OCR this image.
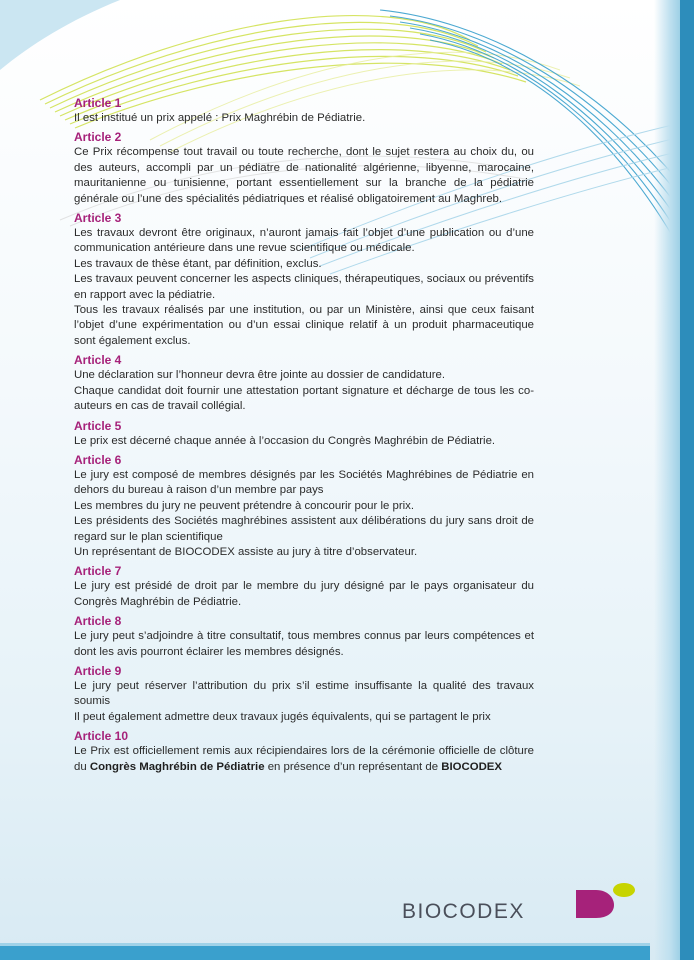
Article 1

Il est institué un prix appelé : Prix Maghrébin de Pédiatrie.

Article 2

Ce Prix récompense tout travail ou toute recherche, dont le sujet restera au choix du, ou des auteurs, accompli par un pédiatre de nationalité algérienne, libyenne, marocaine, mauritanienne ou tunisienne, portant essentiellement sur la branche de la pédiatrie générale ou l’une des spécialités pédiatriques et réalisé obligatoirement au Maghreb.

Article 3

Les travaux devront être originaux, n’auront jamais fait l’objet d’une publication ou d’une communication antérieure dans une revue scientifique ou médicale.

Les travaux de thèse étant, par définition, exclus.

Les travaux peuvent concerner les aspects cliniques, thérapeutiques, sociaux ou préventifs en rapport avec la pédiatrie.

Tous les travaux réalisés par une institution, ou par un Ministère, ainsi que ceux faisant l’objet d’une expérimentation ou d’un essai clinique relatif à un produit pharmaceutique sont également exclus.

Article 4

Une déclaration sur l’honneur devra être jointe au dossier de candidature.

Chaque candidat doit fournir une attestation portant signature et décharge de tous les co-auteurs en cas de travail collégial.

Article 5

Le prix est décerné chaque année à l’occasion du Congrès Maghrébin de Pédiatrie.

Article 6

Le jury est composé de membres désignés par les Sociétés Maghrébines de Pédiatrie en dehors du bureau à raison d’un membre par pays

Les membres du jury ne peuvent prétendre à concourir pour le prix.

Les présidents des Sociétés maghrébines assistent aux délibérations du jury sans droit de regard sur le plan scientifique

Un représentant de BIOCODEX assiste au jury à titre d’observateur.

Article 7

Le jury est présidé de droit par le membre du jury désigné par le pays organisateur du Congrès Maghrébin de Pédiatrie.

Article 8

Le jury peut s’adjoindre à titre consultatif, tous membres connus par leurs compétences et dont les avis pourront éclairer les membres désignés.

Article 9

Le jury peut réserver l’attribution du prix s’il estime insuffisante la qualité des travaux soumis

Il peut également admettre deux travaux jugés équivalents, qui se partagent le prix

Article 10

Le Prix est officiellement remis aux récipiendaires lors de la cérémonie officielle de clôture du Congrès Maghrébin de Pédiatrie en présence d’un représentant de BIOCODEX

BIOCODEX
